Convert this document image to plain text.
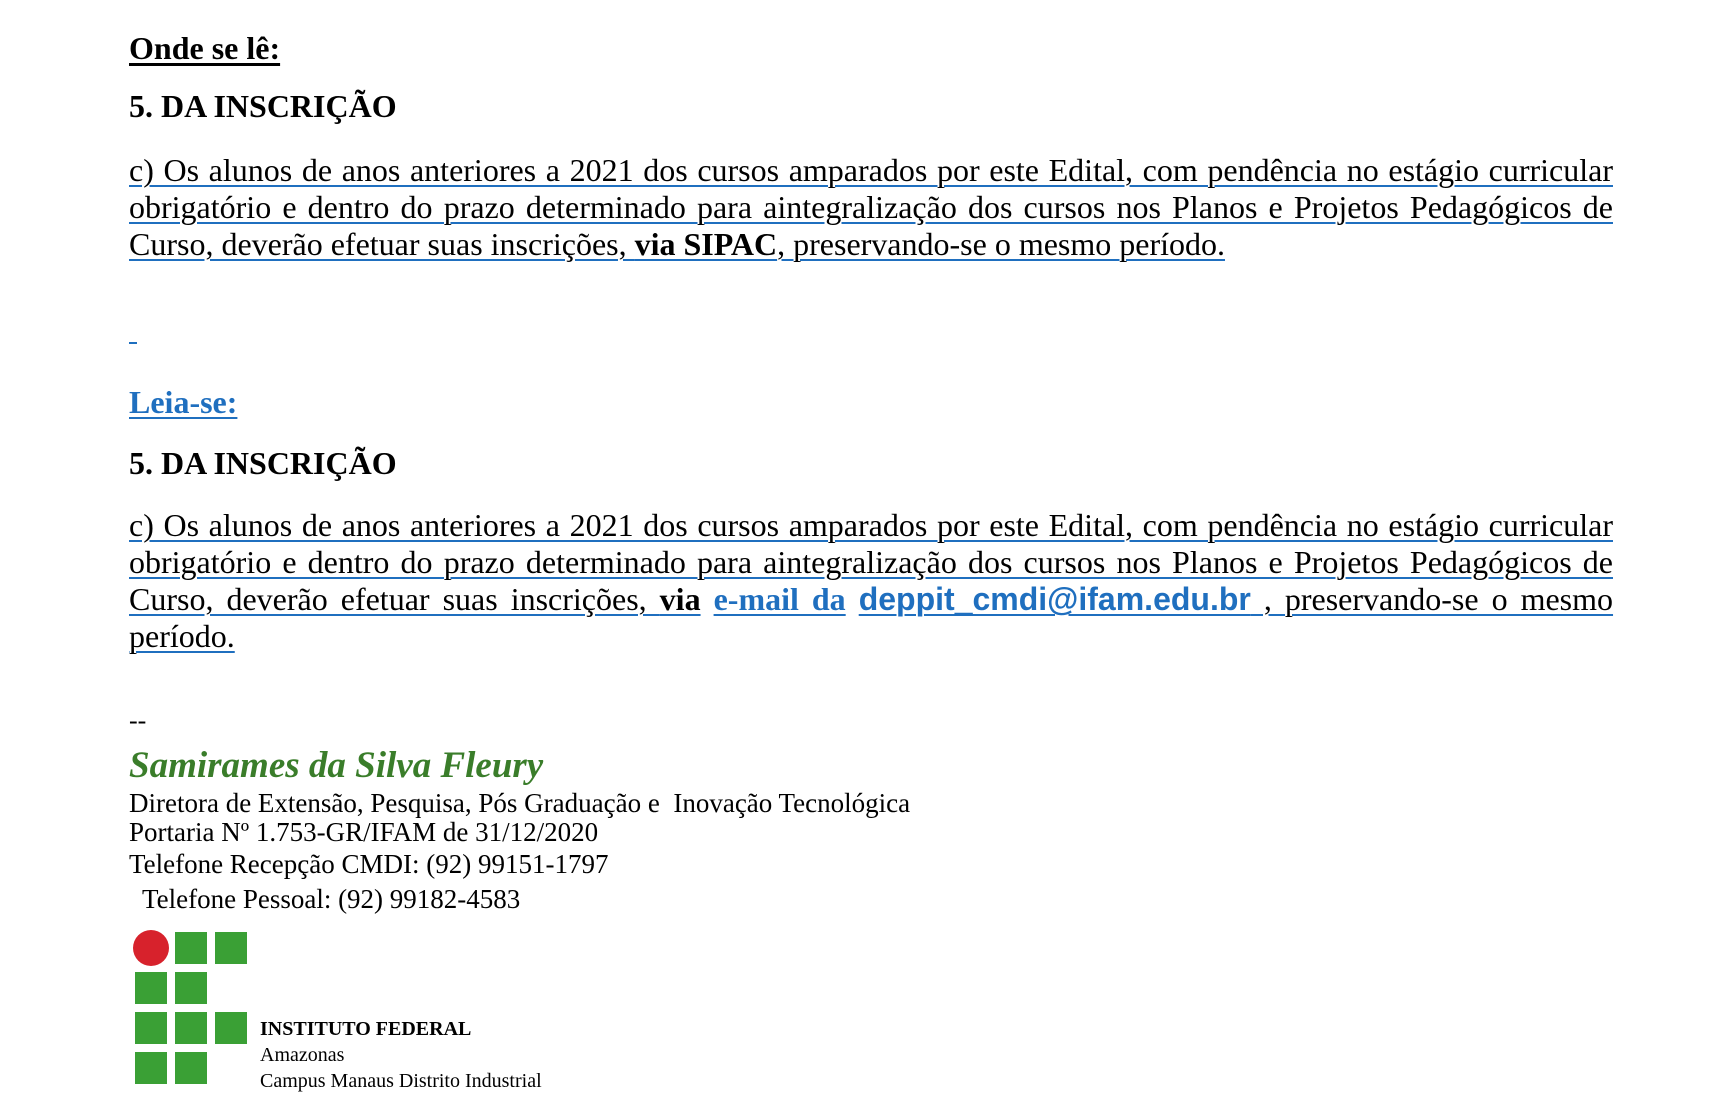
Onde se lê:
5. DA INSCRIÇÃO
c) Os alunos de anos anteriores a 2021 dos cursos amparados por este Edital, com pendência no estágio curricular obrigatório e dentro do prazo determinado para aintegralização dos cursos nos Planos e Projetos Pedagógicos de Curso, deverão efetuar suas inscrições, via SIPAC, preservando-se o mesmo período.
Leia-se:
5. DA INSCRIÇÃO
c) Os alunos de anos anteriores a 2021 dos cursos amparados por este Edital, com pendência no estágio curricular obrigatório e dentro do prazo determinado para aintegralização dos cursos nos Planos e Projetos Pedagógicos de Curso, deverão efetuar suas inscrições, via e-mail da deppit_cmdi@ifam.edu.br , preservando-se o mesmo período.
--
Samirames da Silva Fleury
Diretora de Extensão, Pesquisa, Pós Graduação e  Inovação Tecnológica
Portaria Nº 1.753-GR/IFAM de 31/12/2020
Telefone Recepção CMDI: (92) 99151-1797
Telefone Pessoal: (92) 99182-4583
INSTITUTO FEDERAL
Amazonas
Campus Manaus Distrito Industrial
